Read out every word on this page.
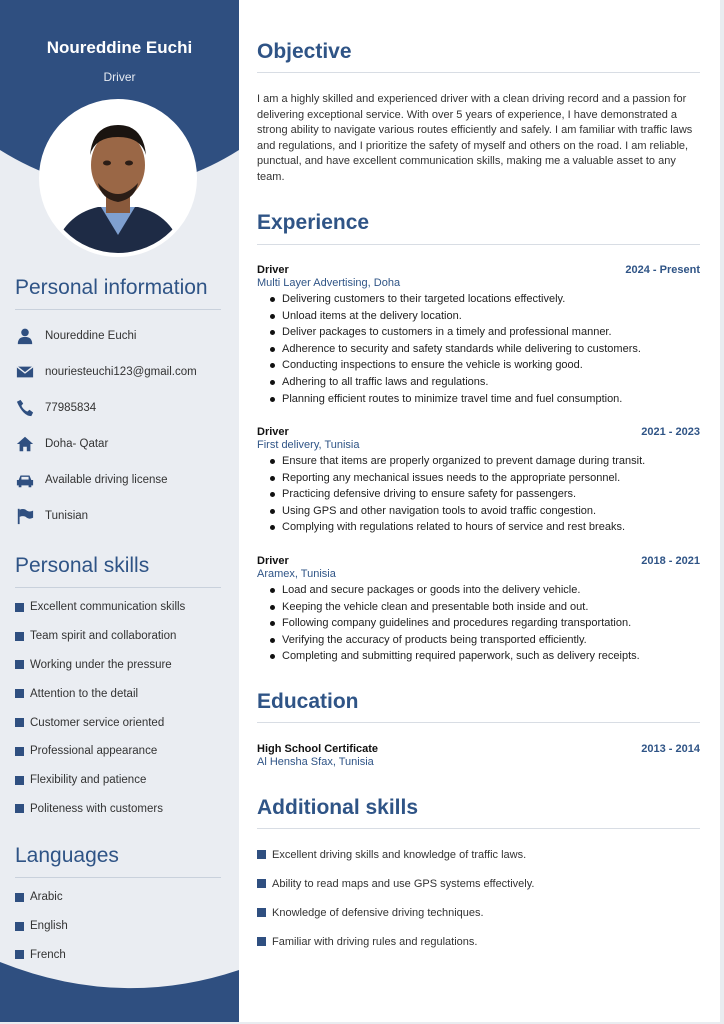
Noureddine Euchi
Driver
Personal information
Noureddine Euchi
nouriesteuchi123@gmail.com
77985834
Doha- Qatar
Available driving license
Tunisian
Personal skills
Excellent communication skills
Team spirit and collaboration
Working under the pressure
Attention to the detail
Customer service oriented
Professional appearance
Flexibility and patience
Politeness with customers
Languages
Arabic
English
French
Objective

I am a highly skilled and experienced driver with a clean driving record and a passion for delivering exceptional service. With over 5 years of experience, I have demonstrated a strong ability to navigate various routes efficiently and safely. I am familiar with traffic laws and regulations, and I prioritize the safety of myself and others on the road. I am reliable, punctual, and have excellent communication skills, making me a valuable asset to any team.

Experience
Driver	2024 - Present
Multi Layer Advertising, Doha
Delivering customers to their targeted locations effectively.
Unload items at the delivery location.
Deliver packages to customers in a timely and professional manner.
Adherence to security and safety standards while delivering to customers.
Conducting inspections to ensure the vehicle is working good.
Adhering to all traffic laws and regulations.
Planning efficient routes to minimize travel time and fuel consumption.
Driver	2021 - 2023
First delivery, Tunisia
Ensure that items are properly organized to prevent damage during transit.
Reporting any mechanical issues needs to the appropriate personnel.
Practicing defensive driving to ensure safety for passengers.
Using GPS and other navigation tools to avoid traffic congestion.
Complying with regulations related to hours of service and rest breaks.
Driver	2018 - 2021
Aramex, Tunisia
Load and secure packages or goods into the delivery vehicle.
Keeping the vehicle clean and presentable both inside and out.
Following company guidelines and procedures regarding transportation.
Verifying the accuracy of products being transported efficiently.
Completing and submitting required paperwork, such as delivery receipts.
Education
High School Certificate	2013 - 2014
Al Hensha Sfax, Tunisia
Additional skills
Excellent driving skills and knowledge of traffic laws.
Ability to read maps and use GPS systems effectively.
Knowledge of defensive driving techniques.
Familiar with driving rules and regulations.
